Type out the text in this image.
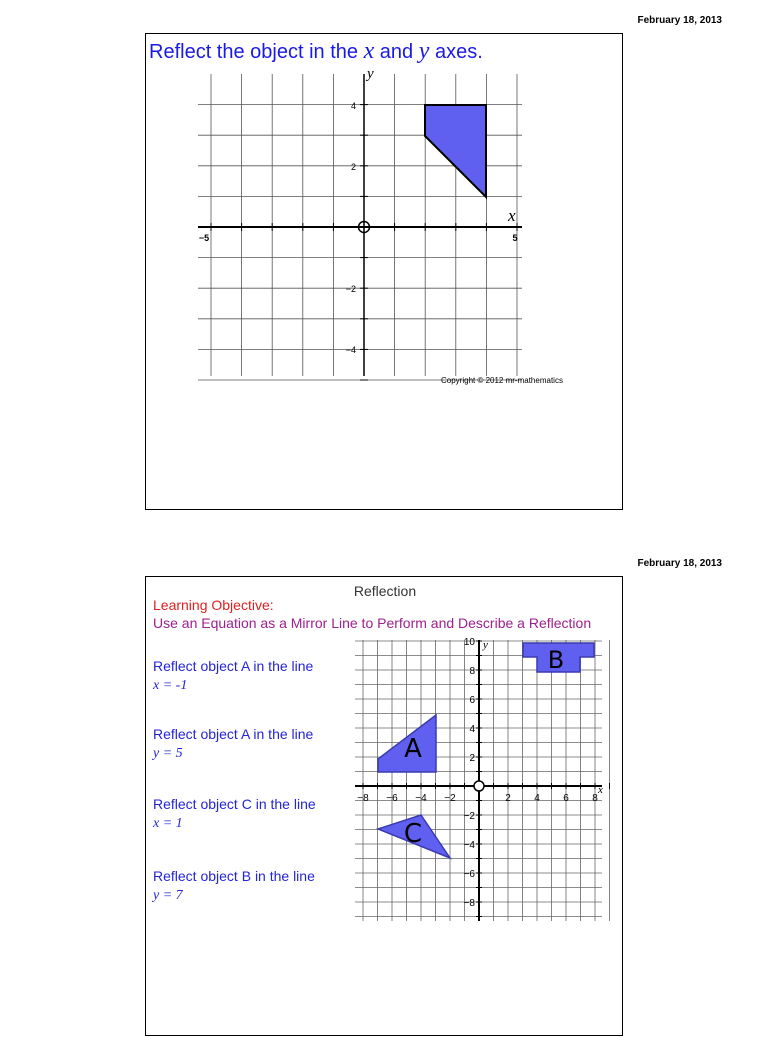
February 18, 2013
Reflect the object in the x and y axes.
y
x
−5	5
4
2
−2
−4
Copyright © 2012 mr-mathematics
February 18, 2013
Reflection
Learning Objective:
Use an Equation as a Mirror Line to Perform and Describe a Reflection
Reflect object A in the line x = -1
Reflect object A in the line y = 5
Reflect object C in the line x = 1
Reflect object B in the line y = 7
A
B
C
y
x
−8 −6 −4 −2	2 4 6 8
10
8
6
4
2
−2
−4
−6
−8
